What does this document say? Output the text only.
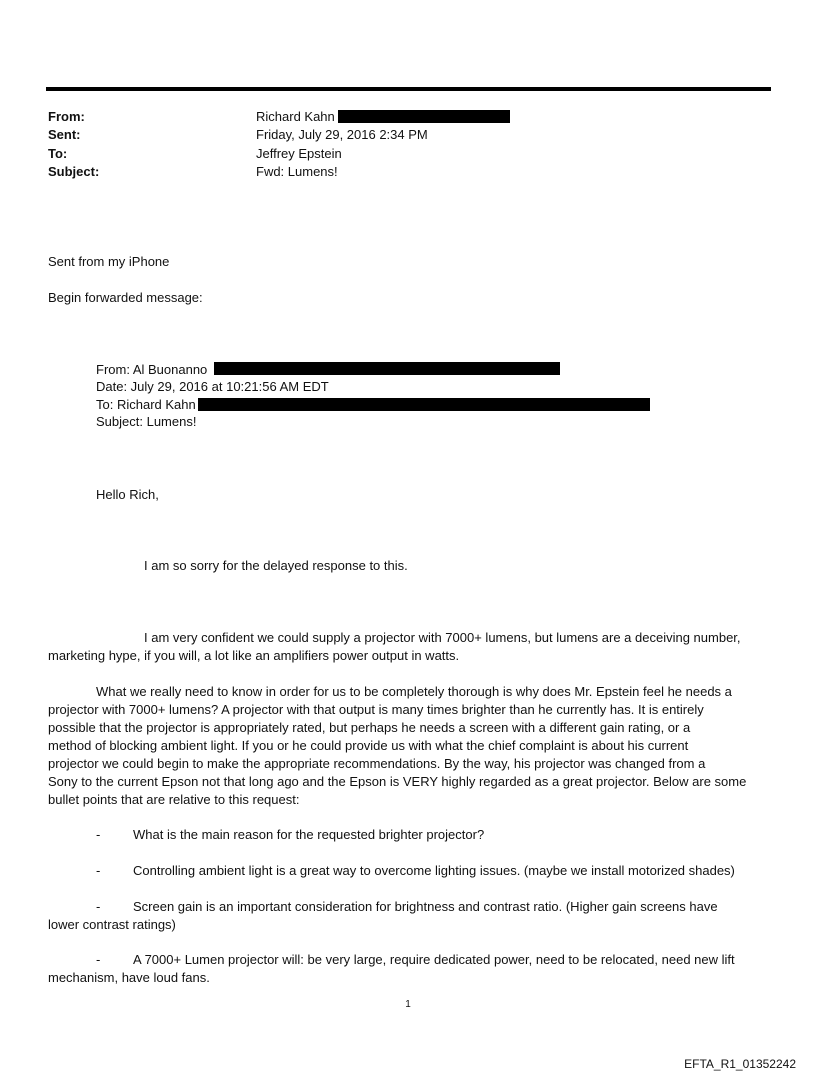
From:	Richard Kahn
Sent:	Friday, July 29, 2016 2:34 PM
To:	Jeffrey Epstein
Subject:	Fwd: Lumens!
Sent from my iPhone
Begin forwarded message:
From: Al Buonanno
Date: July 29, 2016 at 10:21:56 AM EDT
To: Richard Kahn
Subject: Lumens!
Hello Rich,
I am so sorry for the delayed response to this.
I am very confident we could supply a projector with 7000+ lumens, but lumens are a deceiving number,
marketing hype, if you will, a lot like an amplifiers power output in watts.
What we really need to know in order for us to be completely thorough is why does Mr. Epstein feel he needs a
projector with 7000+ lumens? A projector with that output is many times brighter than he currently has. It is entirely
possible that the projector is appropriately rated, but perhaps he needs a screen with a different gain rating, or a
method of blocking ambient light. If you or he could provide us with what the chief complaint is about his current
projector we could begin to make the appropriate recommendations. By the way, his projector was changed from a
Sony to the current Epson not that long ago and the Epson is VERY highly regarded as a great projector. Below are some
bullet points that are relative to this request:
-	What is the main reason for the requested brighter projector?
-	Controlling ambient light is a great way to overcome lighting issues. (maybe we install motorized shades)
-	Screen gain is an important consideration for brightness and contrast ratio. (Higher gain screens have
lower contrast ratings)
-	A 7000+ Lumen projector will: be very large, require dedicated power, need to be relocated, need new lift
mechanism, have loud fans.
1
EFTA_R1_01352242
